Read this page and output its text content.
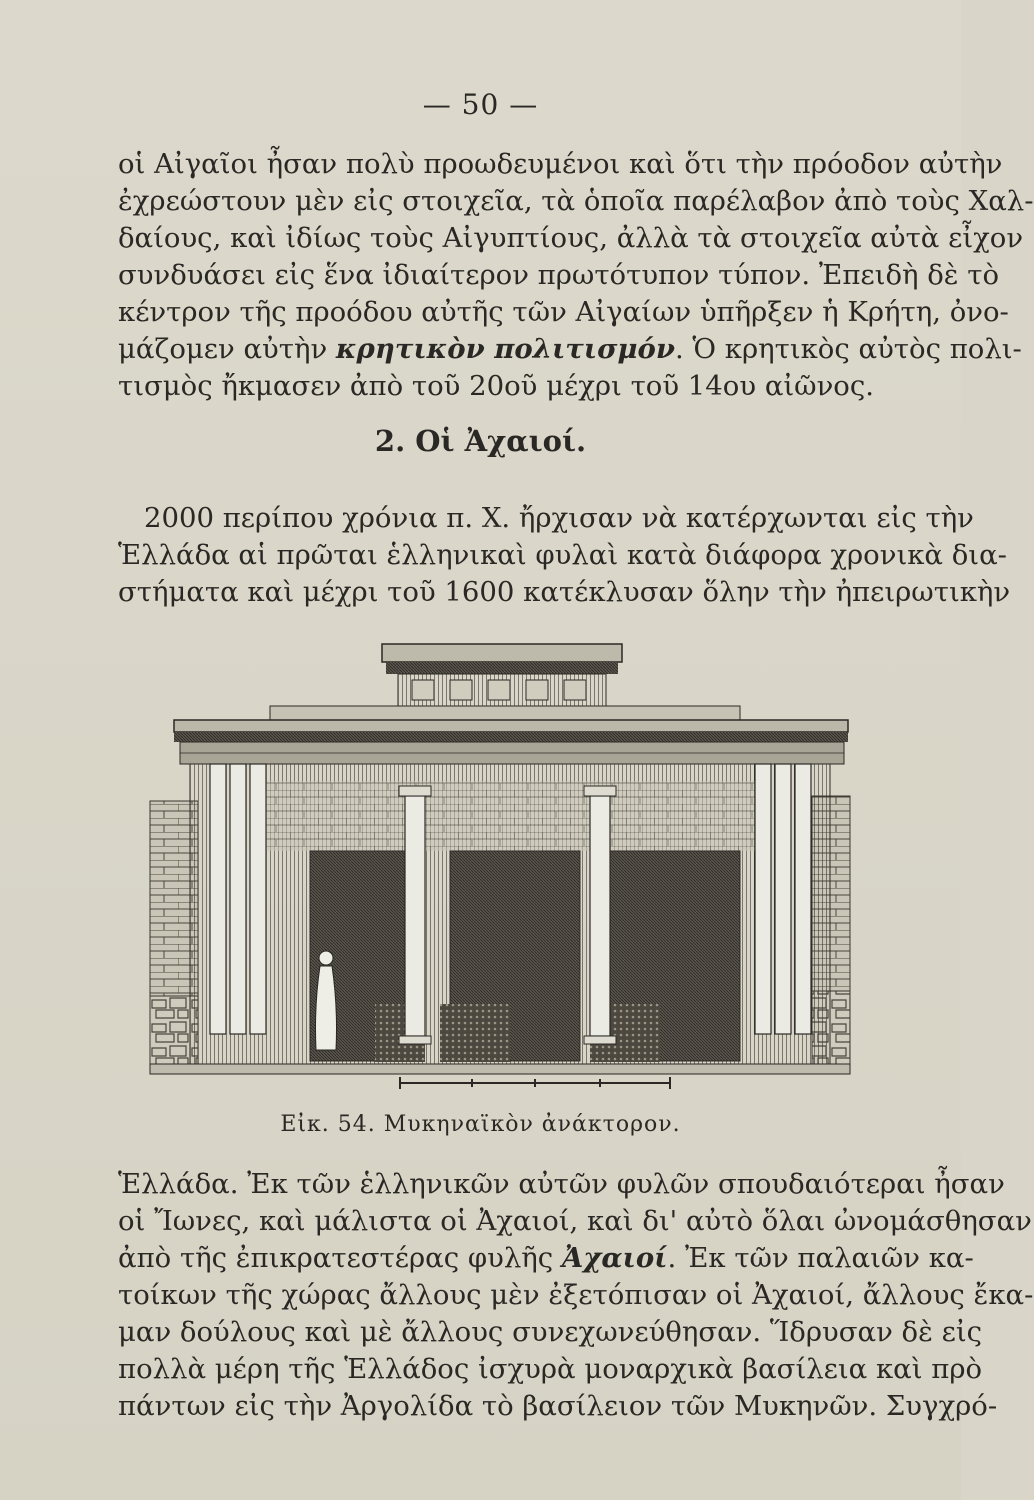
— 50 —
οἱ Αἰγαῖοι ἦσαν πολὺ προωδευμένοι καὶ ὅτι τὴν πρόοδον αὐτὴν
ἐχρεώστουν μὲν εἰς στοιχεῖα, τὰ ὁποῖα παρέλαβον ἀπὸ τοὺς Χαλ-
δαίους, καὶ ἰδίως τοὺς Αἰγυπτίους, ἀλλὰ τὰ στοιχεῖα αὐτὰ εἶχον
συνδυάσει εἰς ἕνα ἰδιαίτερον πρωτότυπον τύπον. Ἐπειδὴ δὲ τὸ
κέντρον τῆς προόδου αὐτῆς τῶν Αἰγαίων ὑπῆρξεν ἡ Κρήτη, ὀνο-
μάζομεν αὐτὴν κρητικὸν πολιτισμόν. Ὁ κρητικὸς αὐτὸς πολι-
τισμὸς ἤκμασεν ἀπὸ τοῦ 20οῦ μέχρι τοῦ 14ου αἰῶνος.
2. Οἱ Ἀχαιοί.
2000 περίπου χρόνια π. Χ. ἤρχισαν νὰ κατέρχωνται εἰς τὴν
Ἑλλάδα αἱ πρῶται ἑλληνικαὶ φυλαὶ κατὰ διάφορα χρονικὰ δια-
στήματα καὶ μέχρι τοῦ 1600 κατέκλυσαν ὅλην τὴν ἠπειρωτικὴν
Εἰκ. 54. Μυκηναϊκὸν ἀνάκτορον.
Ἑλλάδα. Ἐκ τῶν ἑλληνικῶν αὐτῶν φυλῶν σπουδαιότεραι ἦσαν
οἱ Ἴωνες, καὶ μάλιστα οἱ Ἀχαιοί, καὶ δι' αὐτὸ ὅλαι ὠνομάσθησαν
ἀπὸ τῆς ἐπικρατεστέρας φυλῆς Ἀχαιοί. Ἐκ τῶν παλαιῶν κα-
τοίκων τῆς χώρας ἄλλους μὲν ἐξετόπισαν οἱ Ἀχαιοί, ἄλλους ἔκα-
μαν δούλους καὶ μὲ ἄλλους συνεχωνεύθησαν. Ἵδρυσαν δὲ εἰς
πολλὰ μέρη τῆς Ἑλλάδος ἰσχυρὰ μοναρχικὰ βασίλεια καὶ πρὸ
πάντων εἰς τὴν Ἀργολίδα τὸ βασίλειον τῶν Μυκηνῶν. Συγχρό-
